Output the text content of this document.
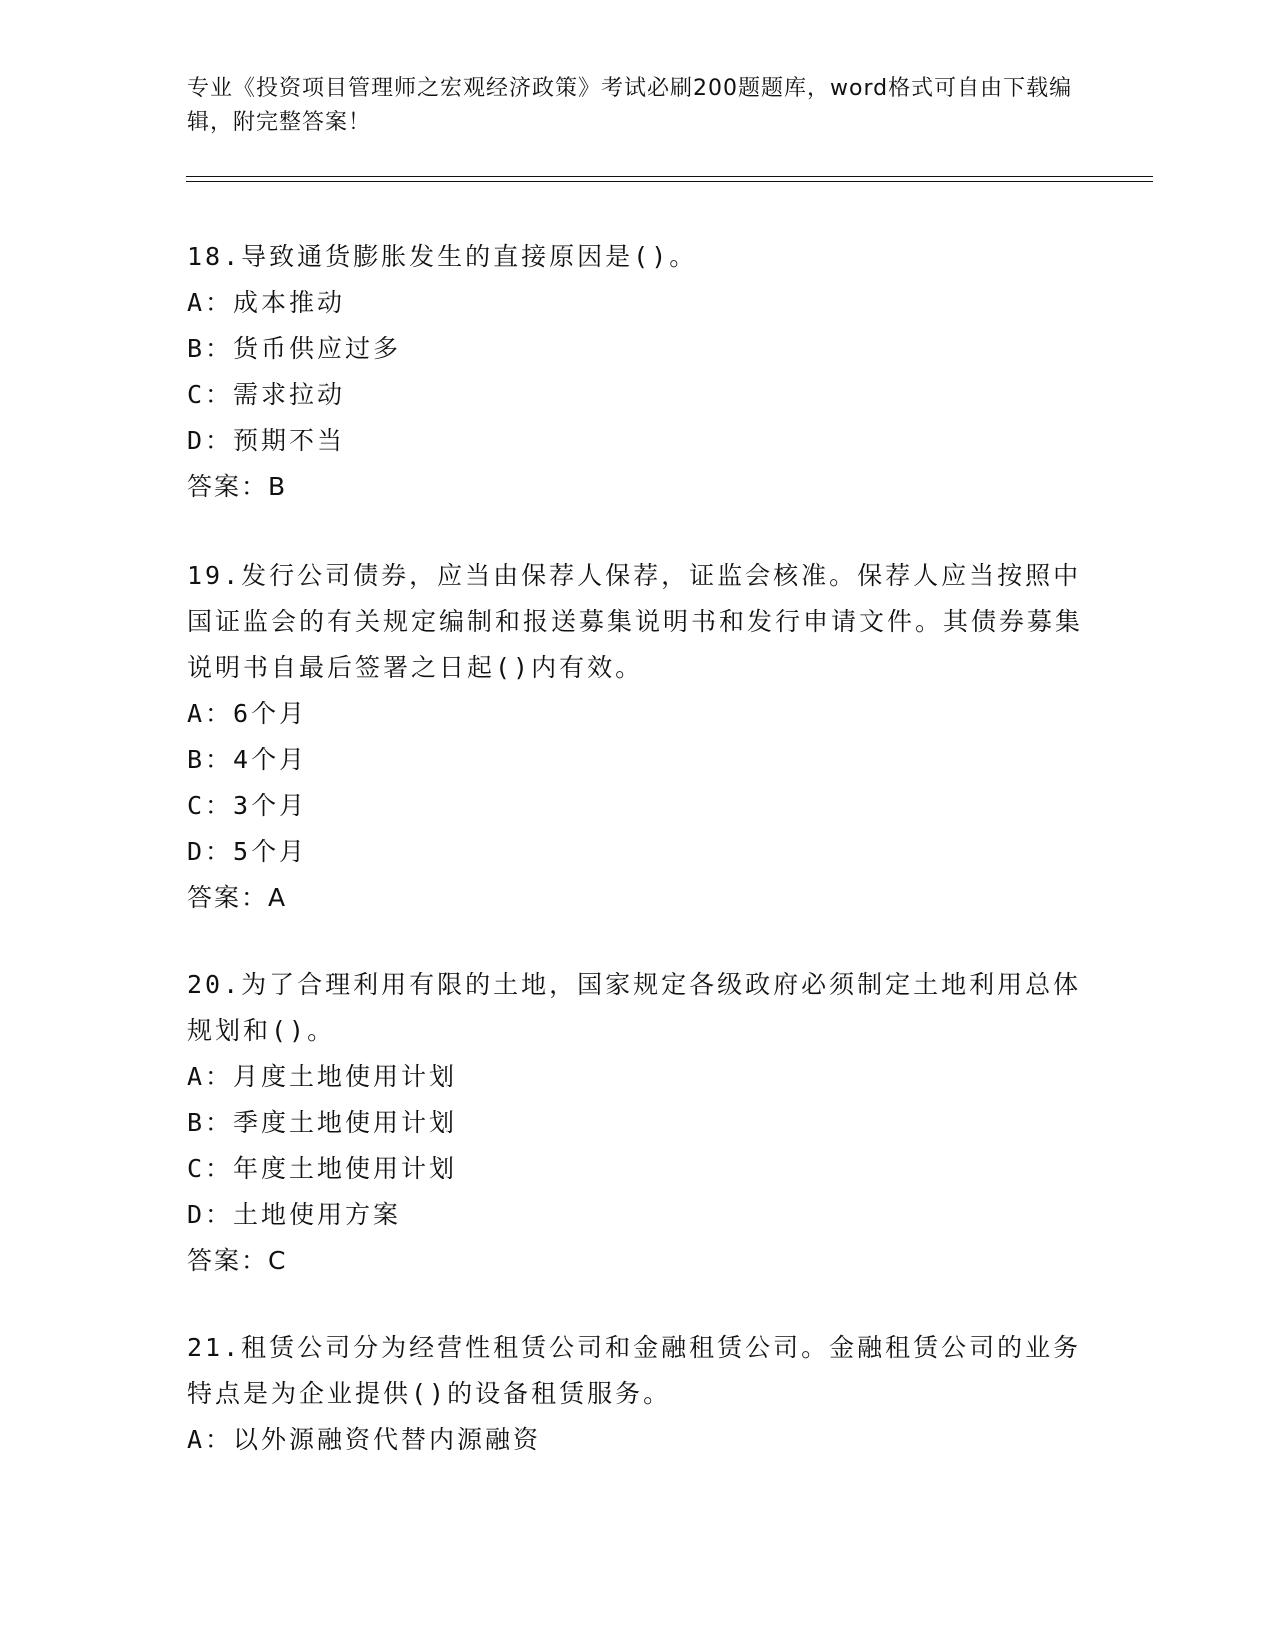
专业《投资项目管理师之宏观经济政策》考试必刷200题题库，word格式可自由下载编辑，附完整答案！
18.导致通货膨胀发生的直接原因是()。
A：成本推动
B：货币供应过多
C：需求拉动
D：预期不当
答案：B
19.发行公司债券，应当由保荐人保荐，证监会核准。保荐人应当按照中国证监会的有关规定编制和报送募集说明书和发行申请文件。其债券募集说明书自最后签署之日起()内有效。
A：6个月
B：4个月
C：3个月
D：5个月
答案：A
20.为了合理利用有限的土地，国家规定各级政府必须制定土地利用总体规划和()。
A：月度土地使用计划
B：季度土地使用计划
C：年度土地使用计划
D：土地使用方案
答案：C
21.租赁公司分为经营性租赁公司和金融租赁公司。金融租赁公司的业务特点是为企业提供()的设备租赁服务。
A：以外源融资代替内源融资
